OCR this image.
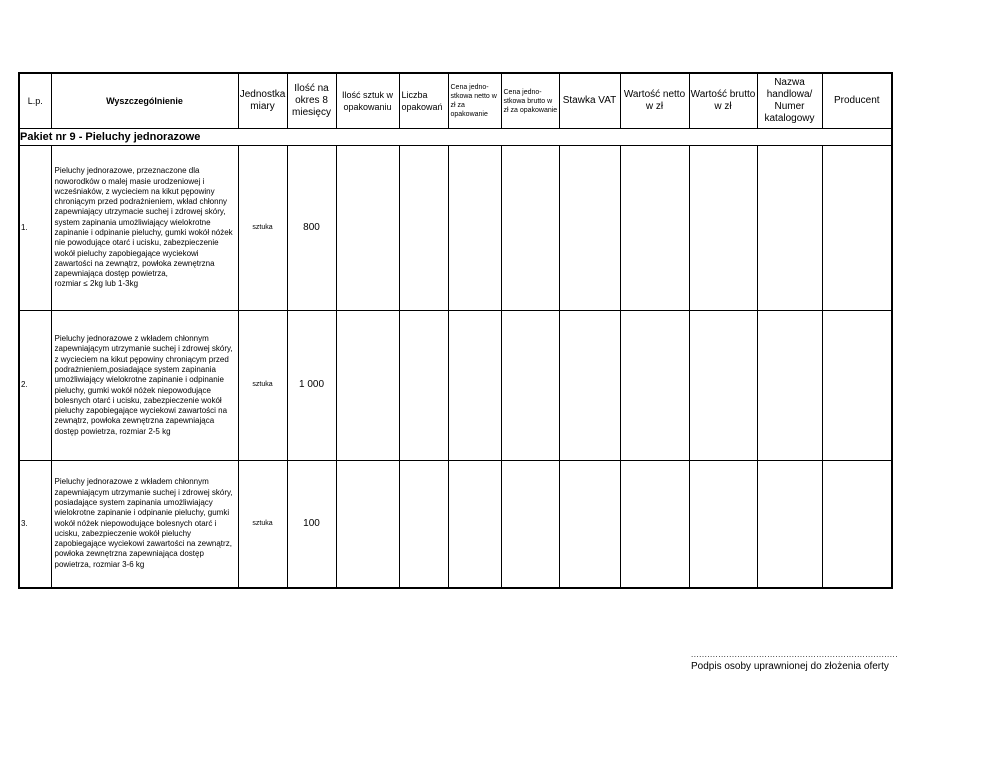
L.p.	Wyszczególnienie	Jednostka miary	Ilość na okres 8 miesięcy	Ilość sztuk w opakowaniu	Liczba opakowań	Cena jedno-stkowa netto w zł za opakowanie	Cena jedno-stkowa brutto w zł za opakowanie	Stawka VAT	Wartość netto w zł	Wartość brutto w zł	Nazwa handlowa/ Numer katalogowy	Producent
Pakiet nr 9 - Pieluchy jednorazowe												
1.	Pieluchy jednorazowe, przeznaczone dla noworodków o malej masie urodzeniowej i wcześniaków, z wycieciem na kikut pępowiny chroniącym przed podrażnieniem, wkład chłonny zapewniający utrzymacie suchej i zdrowej skóry, system zapinania umożliwiający wielokrotne zapinanie i odpinanie pieluchy, gumki wokół nóżek nie powodujące otarć i ucisku, zabezpieczenie wokół pieluchy zapobiegające wyciekowi zawartości na zewnątrz, powłoka zewnętrzna zapewniająca dostęp powietrza,
rozmiar ≤ 2kg lub 1-3kg	sztuka	800									
2.	Pieluchy jednorazowe z wkładem chłonnym zapewniającym utrzymanie suchej i zdrowej skóry, z wycieciem na kikut pępowiny chroniącym przed podrażnieniem,posiadające system zapinania umożliwiający wielokrotne zapinanie i odpinanie pieluchy, gumki wokół nóżek niepowodujące bolesnych otarć i ucisku, zabezpieczenie wokół pieluchy zapobiegające wyciekowi zawartości na zewnątrz, powłoka zewnętrzna zapewniająca dostęp powietrza, rozmiar 2-5 kg	sztuka	1 000									
3.	Pieluchy jednorazowe z wkładem chłonnym zapewniającym utrzymanie suchej i zdrowej skóry, posiadające system zapinania umożliwiający wielokrotne zapinanie i odpinanie pieluchy, gumki wokół nóżek niepowodujące bolesnych otarć i ucisku, zabezpieczenie wokół pieluchy zapobiegające wyciekowi zawartości na zewnątrz, powłoka zewnętrzna zapewniająca dostęp powietrza, rozmiar 3-6 kg	sztuka	100									
............................................................................
Podpis osoby uprawnionej do złożenia oferty
